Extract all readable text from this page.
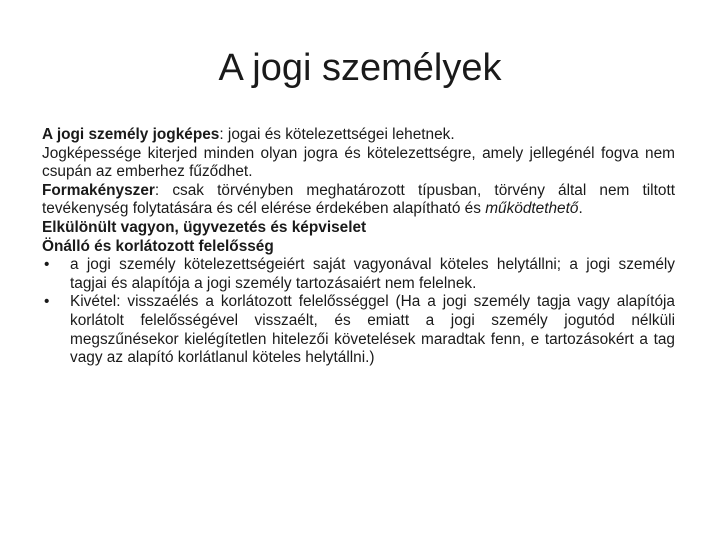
A jogi személyek

A jogi személy jogképes: jogai és kötelezettségei lehetnek.

Jogképessége kiterjed minden olyan jogra és kötelezettségre, amely jellegénél fogva nem csupán az emberhez fűződhet.

Formakényszer: csak törvényben meghatározott típusban, törvény által nem tiltott tevékenység folytatására és cél elérése érdekében alapítható és működtethető.

Elkülönült vagyon, ügyvezetés és képviselet

Önálló és korlátozott felelősség

• a jogi személy kötelezettségeiért saját vagyonával köteles helytállni; a jogi személy tagjai és alapítója a jogi személy tartozásaiért nem felelnek.
• Kivétel: visszaélés a korlátozott felelősséggel (Ha a jogi személy tagja vagy alapítója korlátolt felelősségével visszaélt, és emiatt a jogi személy jogutód nélküli megszűnésekor kielégítetlen hitelezői követelések maradtak fenn, e tartozásokért a tag vagy az alapító korlátlanul köteles helytállni.)
